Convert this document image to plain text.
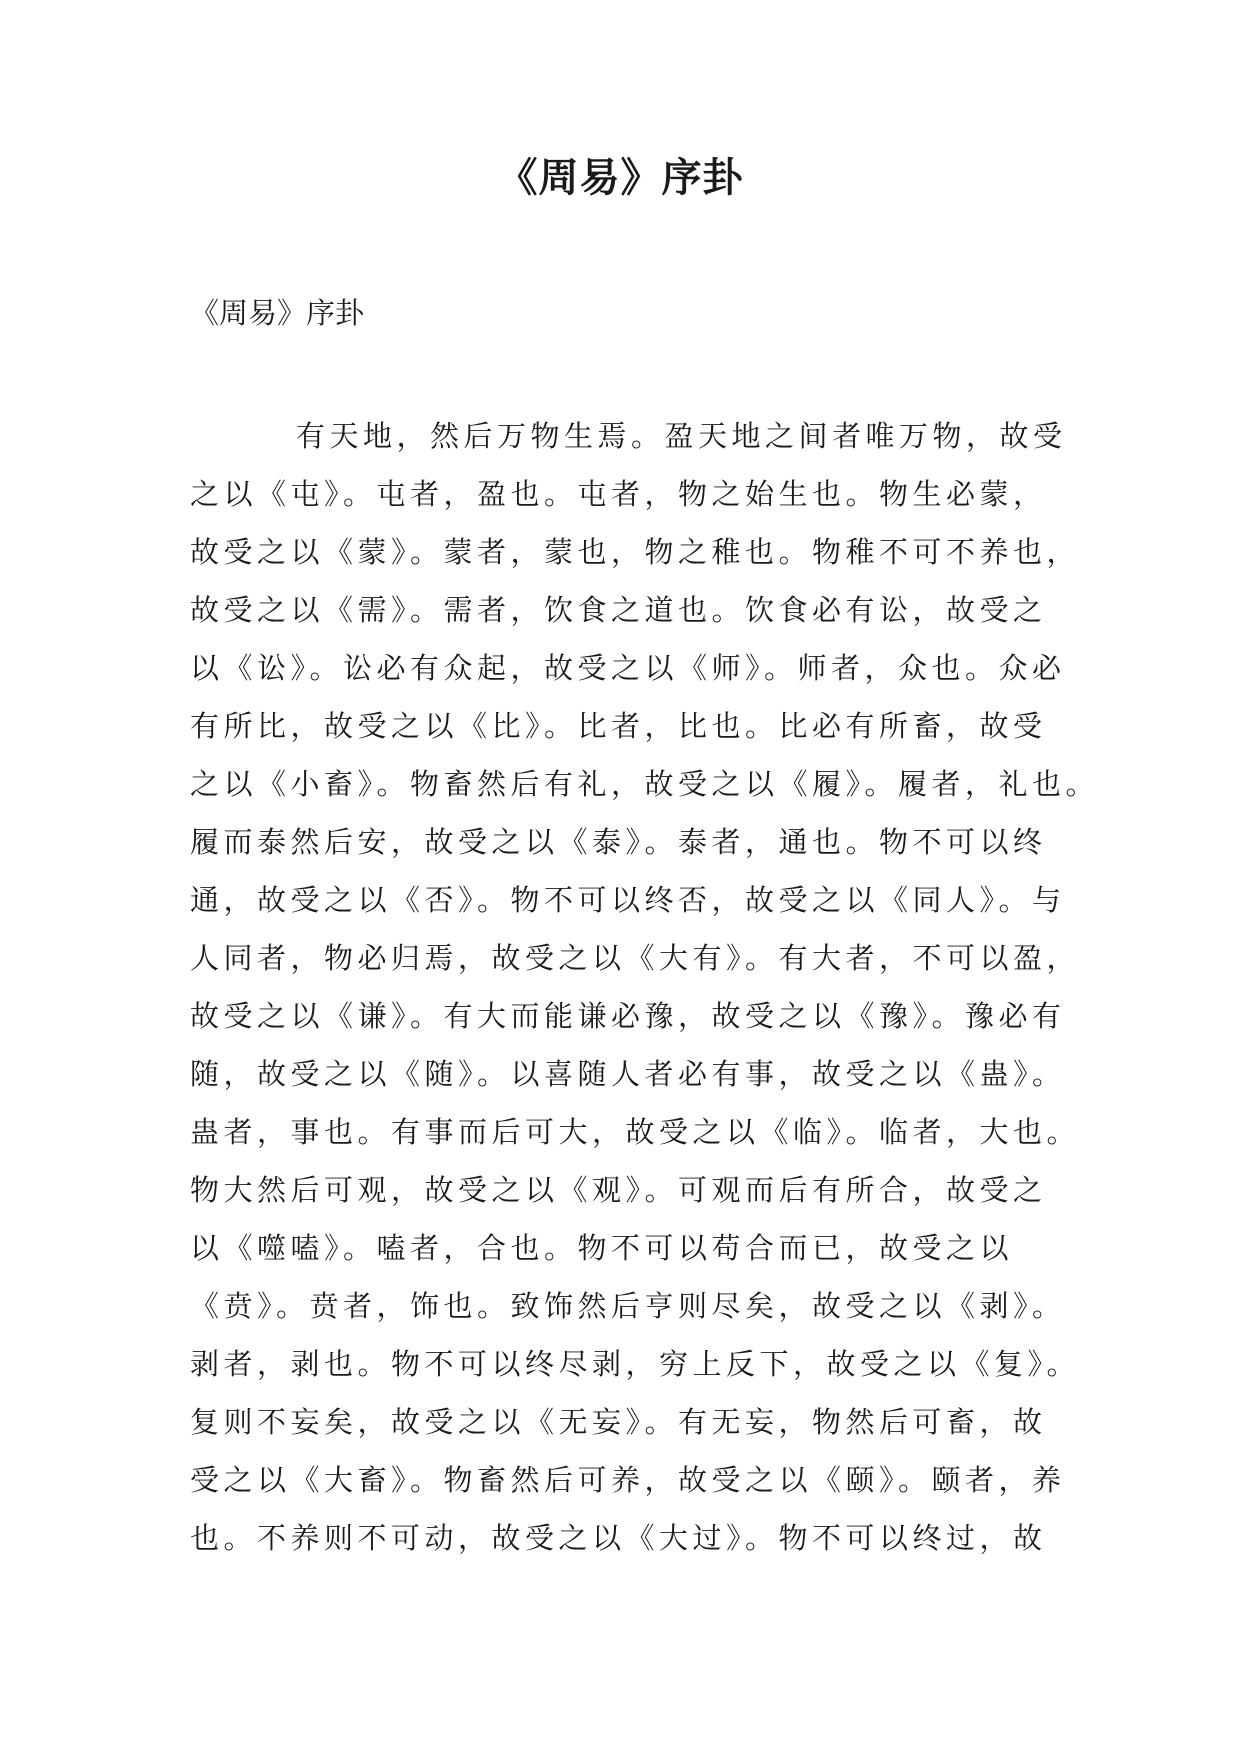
《周易》序卦
《周易》序卦
有天地，然后万物生焉。盈天地之间者唯万物，故受
之以《屯》。屯者，盈也。屯者，物之始生也。物生必蒙，
故受之以《蒙》。蒙者，蒙也，物之稚也。物稚不可不养也，
故受之以《需》。需者，饮食之道也。饮食必有讼，故受之
以《讼》。讼必有众起，故受之以《师》。师者，众也。众必
有所比，故受之以《比》。比者，比也。比必有所畜，故受
之以《小畜》。物畜然后有礼，故受之以《履》。履者，礼也。
履而泰然后安，故受之以《泰》。泰者，通也。物不可以终
通，故受之以《否》。物不可以终否，故受之以《同人》。与
人同者，物必归焉，故受之以《大有》。有大者，不可以盈，
故受之以《谦》。有大而能谦必豫，故受之以《豫》。豫必有
随，故受之以《随》。以喜随人者必有事，故受之以《蛊》。
蛊者，事也。有事而后可大，故受之以《临》。临者，大也。
物大然后可观，故受之以《观》。可观而后有所合，故受之
以《噬嗑》。嗑者，合也。物不可以苟合而已，故受之以
《贲》。贲者，饰也。致饰然后亨则尽矣，故受之以《剥》。
剥者，剥也。物不可以终尽剥，穷上反下，故受之以《复》。
复则不妄矣，故受之以《无妄》。有无妄，物然后可畜，故
受之以《大畜》。物畜然后可养，故受之以《颐》。颐者，养
也。不养则不可动，故受之以《大过》。物不可以终过，故
